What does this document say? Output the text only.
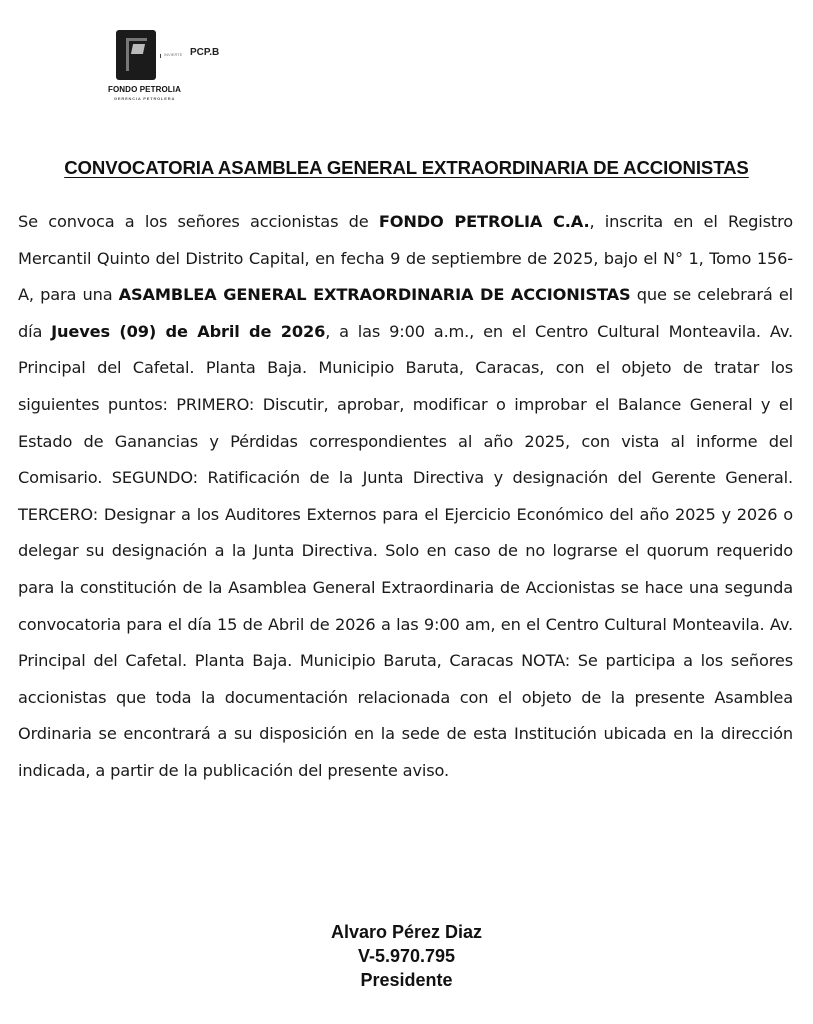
INVIERTE PCP.B
FONDO PETROLIA
GERENCIA PETROLERA
CONVOCATORIA ASAMBLEA GENERAL EXTRAORDINARIA DE ACCIONISTAS
Se convoca a los señores accionistas de FONDO PETROLIA C.A., inscrita en el Registro Mercantil Quinto del Distrito Capital, en fecha 9 de septiembre de 2025, bajo el N° 1, Tomo 156-A, para una ASAMBLEA GENERAL EXTRAORDINARIA DE ACCIONISTAS que se celebrará el día Jueves (09) de Abril de 2026, a las 9:00 a.m., en el Centro Cultural Monteavila. Av. Principal del Cafetal. Planta Baja. Municipio Baruta, Caracas, con el objeto de tratar los siguientes puntos: PRIMERO: Discutir, aprobar, modificar o improbar el Balance General y el Estado de Ganancias y Pérdidas correspondientes al año 2025, con vista al informe del Comisario. SEGUNDO: Ratificación de la Junta Directiva y designación del Gerente General. TERCERO: Designar a los Auditores Externos para el Ejercicio Económico del año 2025 y 2026 o delegar su designación a la Junta Directiva. Solo en caso de no lograrse el quorum requerido para la constitución de la Asamblea General Extraordinaria de Accionistas se hace una segunda convocatoria para el día 15 de Abril de 2026 a las 9:00 am, en el Centro Cultural Monteavila. Av. Principal del Cafetal. Planta Baja. Municipio Baruta, Caracas NOTA: Se participa a los señores accionistas que toda la documentación relacionada con el objeto de la presente Asamblea Ordinaria se encontrará a su disposición en la sede de esta Institución ubicada en la dirección indicada, a partir de la publicación del presente aviso.
Alvaro Pérez Diaz
V-5.970.795
Presidente
